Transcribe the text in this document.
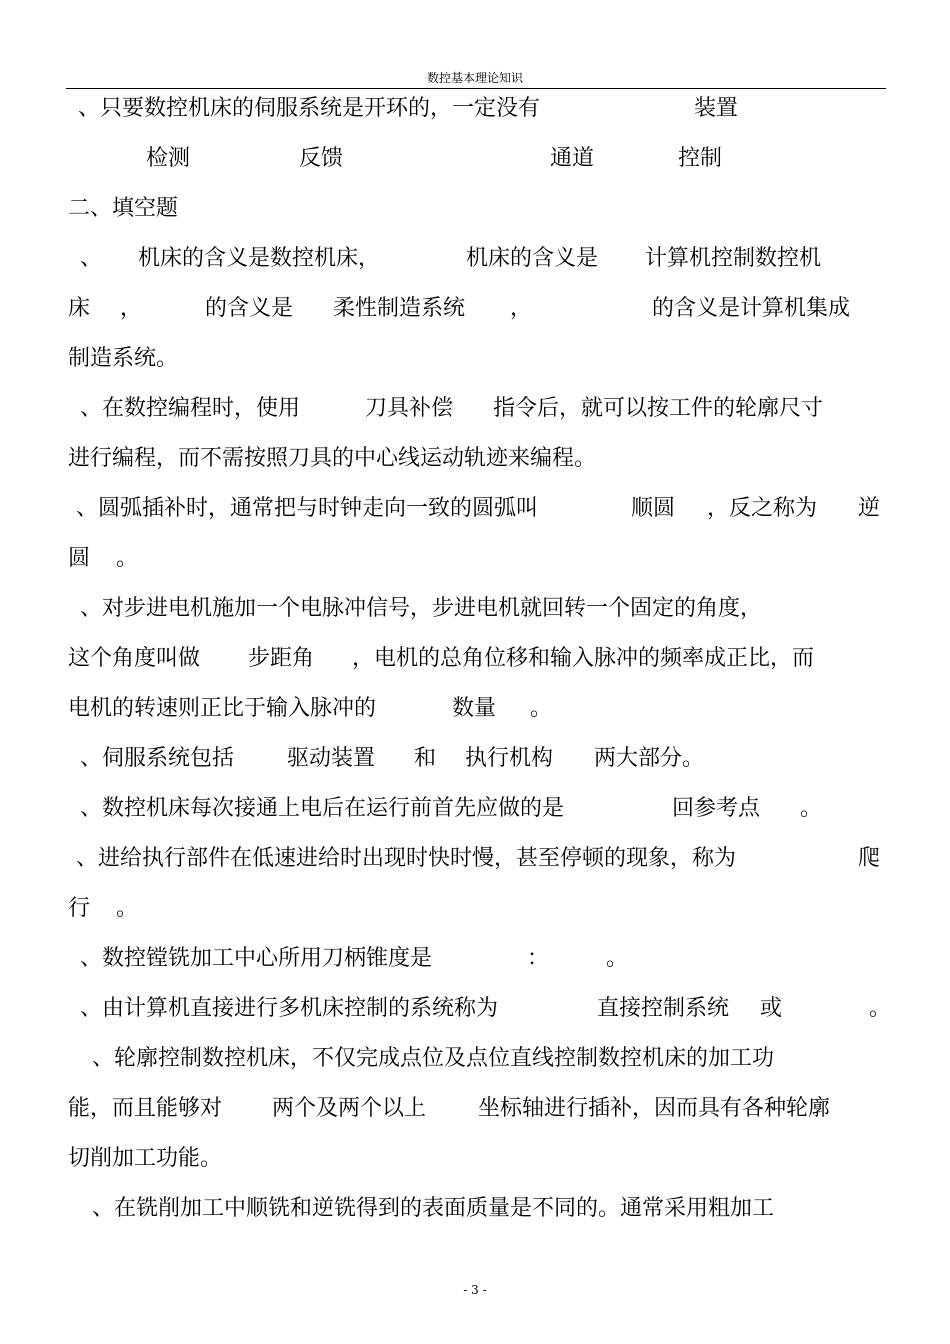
数控基本理论知识
、只要数控机床的伺服系统是开环的，一定没有	装置
检测	反馈	通道	控制
二、填空题
、 机床的含义是数控机床，	机床的含义是 计算机控制数控机
床 ，	的含义是 柔性制造系统 ，	的含义是计算机集成
制造系统。
、在数控编程时，使用	刀具补偿 指令后，就可以按工件的轮廓尺寸
进行编程，而不需按照刀具的中心线运动轨迹来编程。
、圆弧插补时，通常把与时钟走向一致的圆弧叫	顺圆 ，反之称为 逆
圆 。
、对步进电机施加一个电脉冲信号，步进电机就回转一个固定的角度，
这个角度叫做 步距角 ，电机的总角位移和输入脉冲的频率成正比，而
电机的转速则正比于输入脉冲的	数量 。
、伺服系统包括 驱动装置 和 执行机构 两大部分。
、数控机床每次接通上电后在运行前首先应做的是	回参考点 。
、进给执行部件在低速进给时出现时快时慢，甚至停顿的现象，称为	爬
行 。
、数控镗铣加工中心所用刀柄锥度是	：	。
、由计算机直接进行多机床控制的系统称为	直接控制系统 或	。
、轮廓控制数控机床，不仅完成点位及点位直线控制数控机床的加工功
能，而且能够对 两个及两个以上 坐标轴进行插补，因而具有各种轮廓
切削加工功能。
、在铣削加工中顺铣和逆铣得到的表面质量是不同的。通常采用粗加工
- 3 -
